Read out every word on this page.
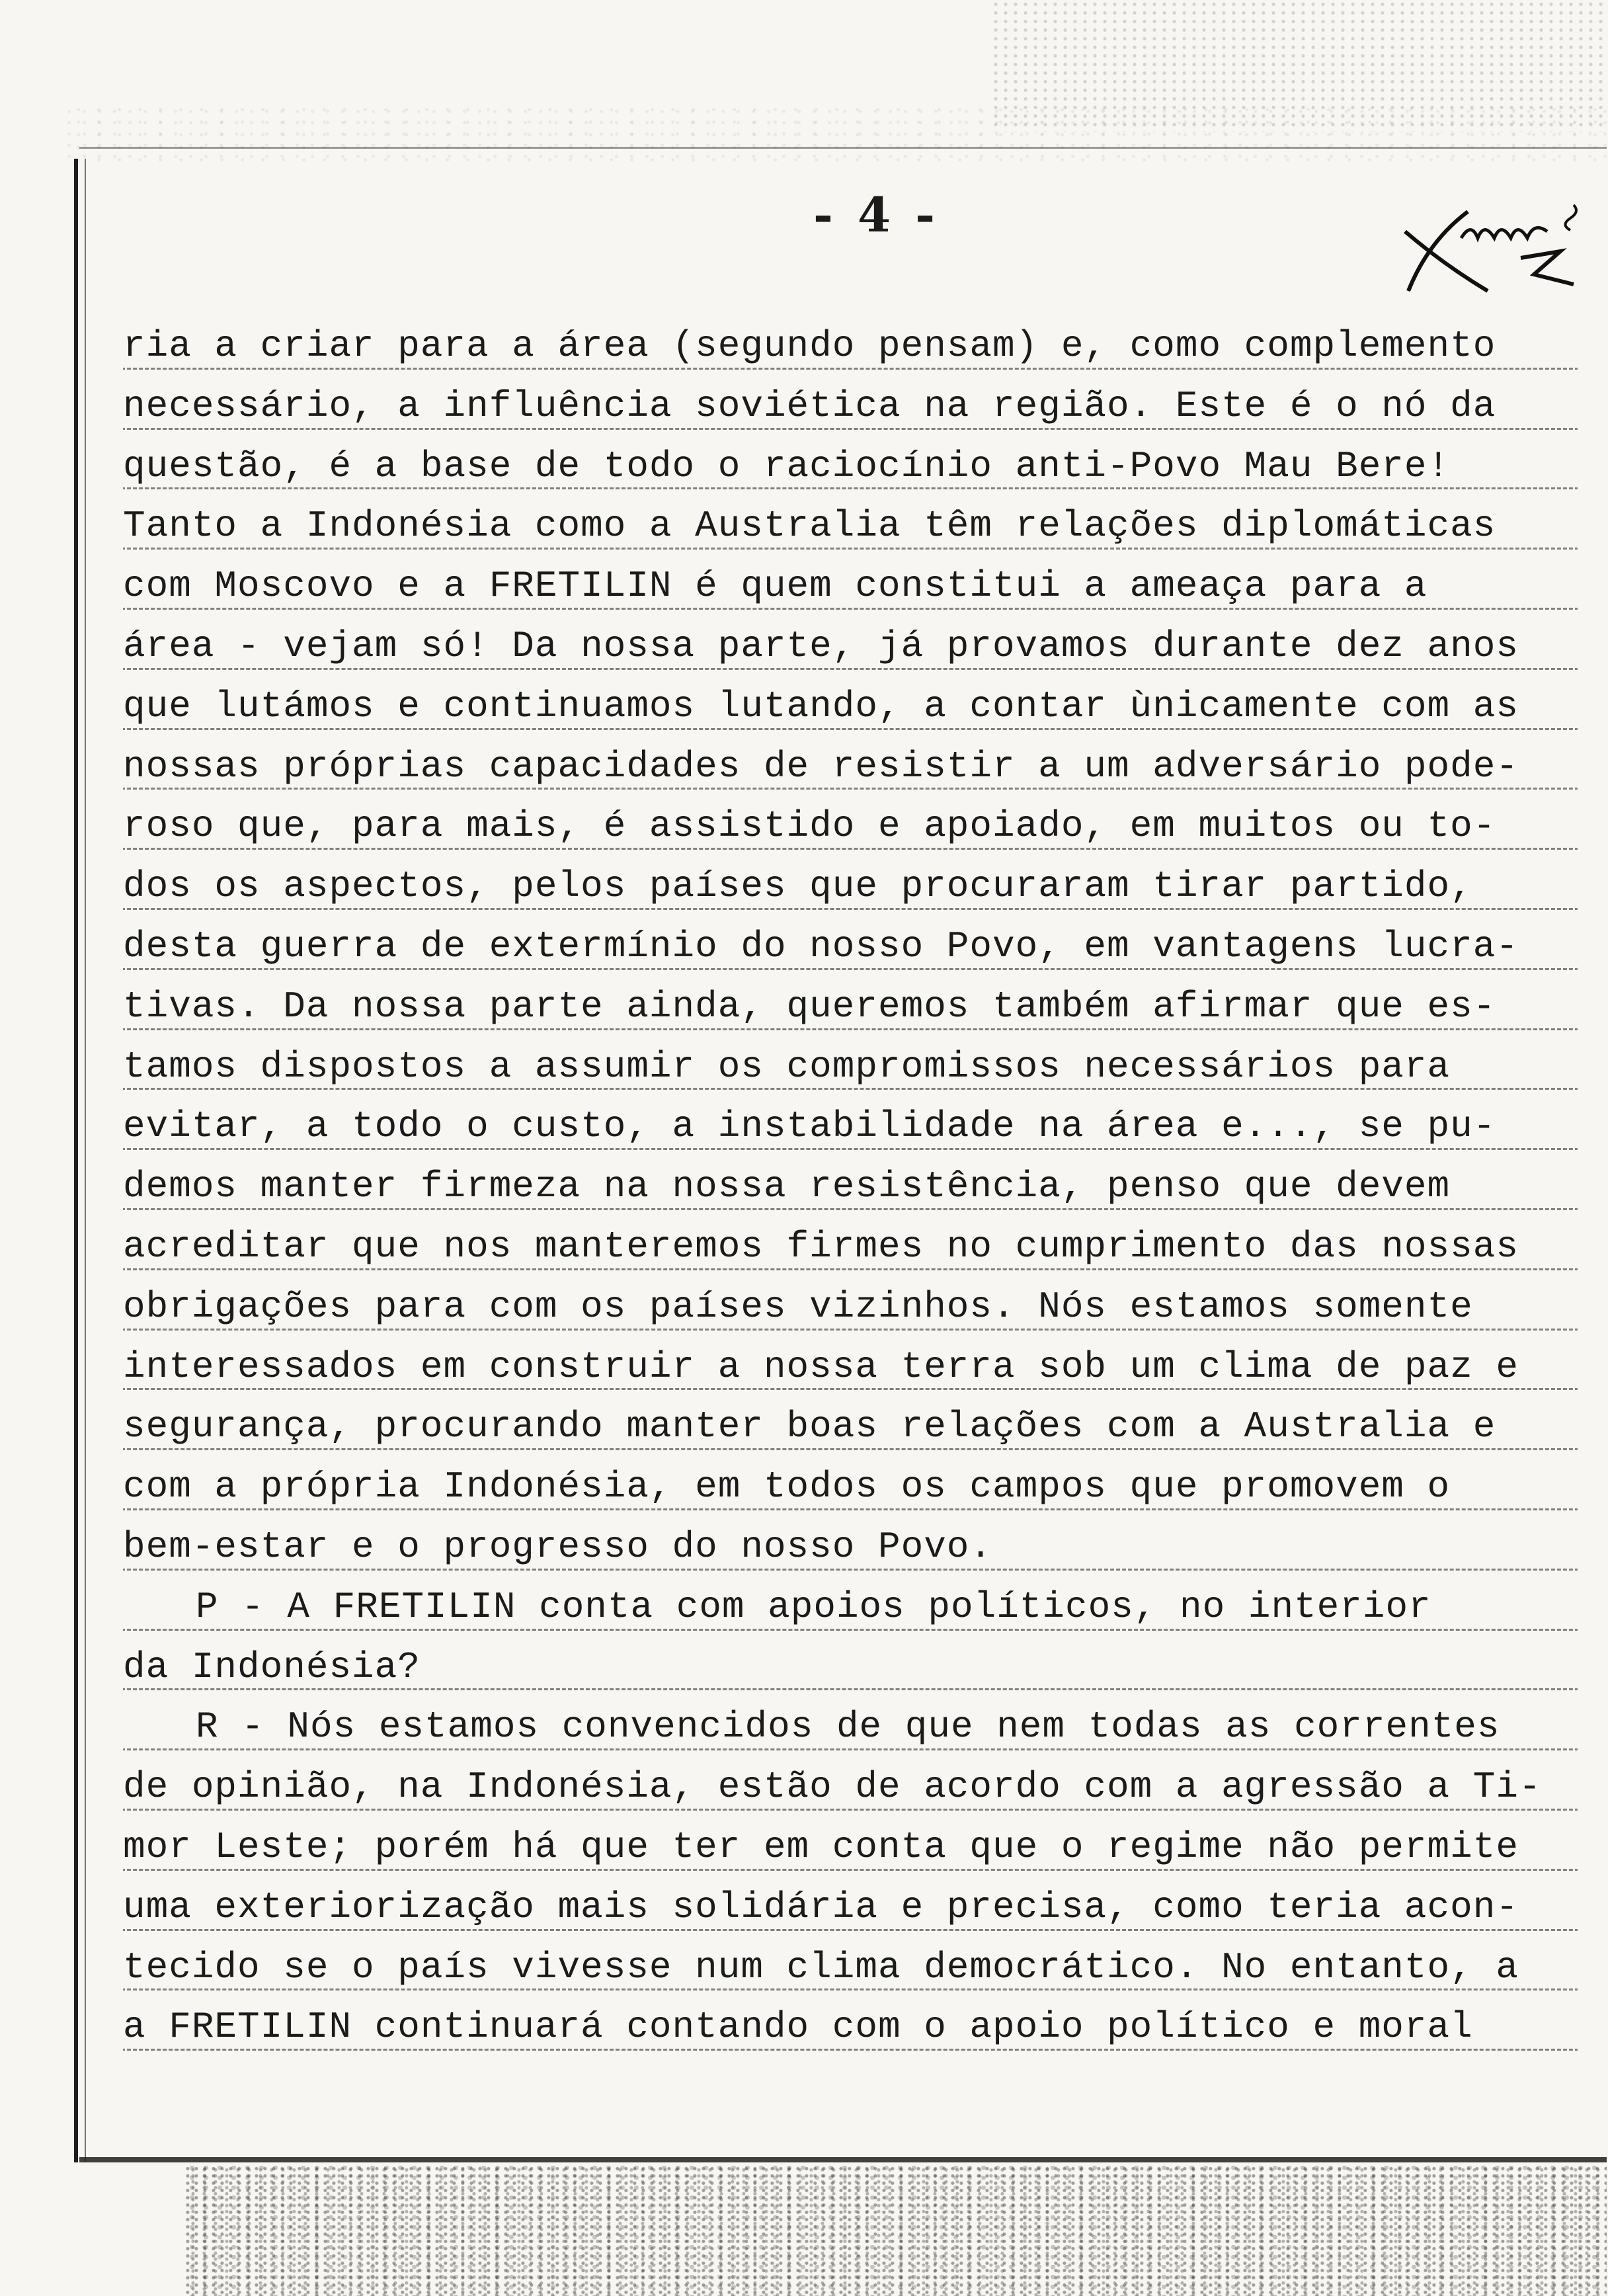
- 4 -
ria a criar para a área (segundo pensam) e, como complemento
necessário, a influência soviética na região. Este é o nó da
questão, é a base de todo o raciocínio anti-Povo Mau Bere!
Tanto a Indonésia como a Australia têm relações diplomáticas
com Moscovo e a FRETILIN é quem constitui a ameaça para a
área - vejam só! Da nossa parte, já provamos durante dez anos
que lutámos e continuamos lutando, a contar ùnicamente com as
nossas próprias capacidades de resistir a um adversário pode-
roso que, para mais, é assistido e apoiado, em muitos ou to-
dos os aspectos, pelos países que procuraram tirar partido,
desta guerra de extermínio do nosso Povo, em vantagens lucra-
tivas. Da nossa parte ainda, queremos também afirmar que es-
tamos dispostos a assumir os compromissos necessários para
evitar, a todo o custo, a instabilidade na área e..., se pu-
demos manter firmeza na nossa resistência, penso que devem
acreditar que nos manteremos firmes no cumprimento das nossas
obrigações para com os países vizinhos. Nós estamos somente
interessados em construir a nossa terra sob um clima de paz e
segurança, procurando manter boas relações com a Australia e
com a própria Indonésia, em todos os campos que promovem o
bem-estar e o progresso do nosso Povo.
P - A FRETILIN conta com apoios políticos, no interior
da Indonésia?
R - Nós estamos convencidos de que nem todas as correntes
de opinião, na Indonésia, estão de acordo com a agressão a Ti-
mor Leste; porém há que ter em conta que o regime não permite
uma exteriorização mais solidária e precisa, como teria acon-
tecido se o país vivesse num clima democrático. No entanto, a
a FRETILIN continuará contando com o apoio político e moral
